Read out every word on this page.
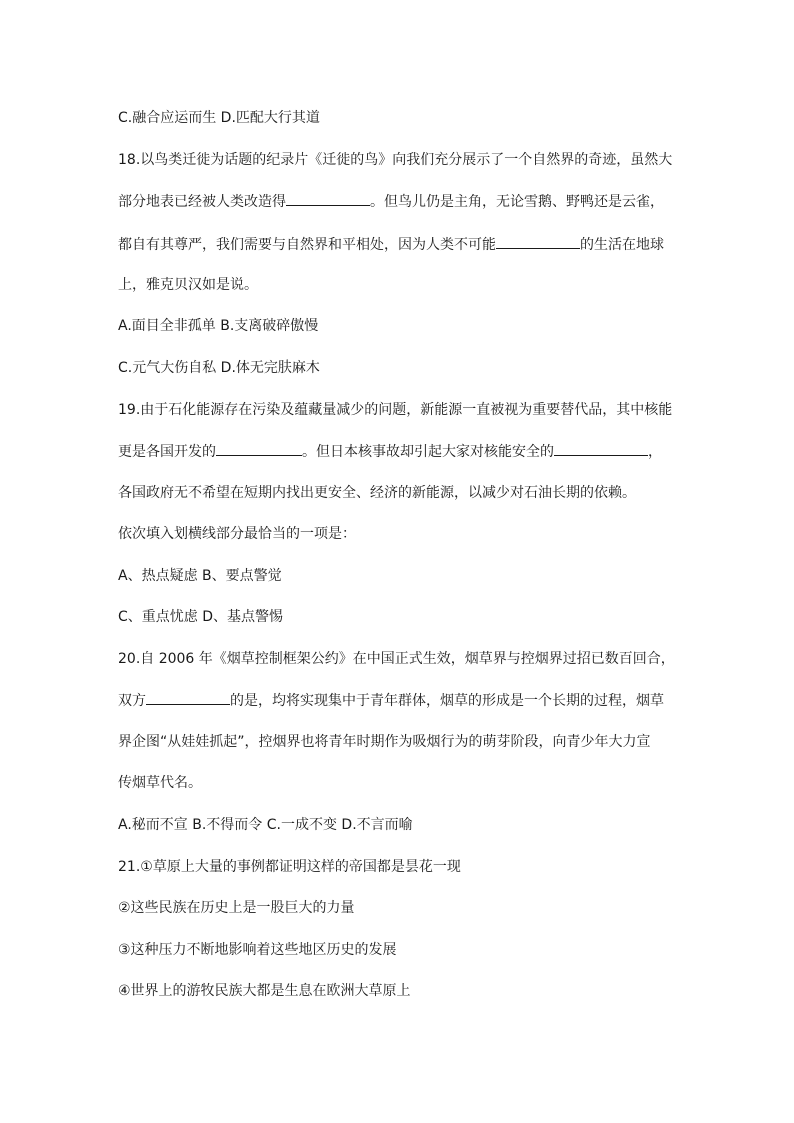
C.融合应运而生 D.匹配大行其道
18.以鸟类迁徙为话题的纪录片《迁徙的鸟》向我们充分展示了一个自然界的奇迹，虽然大
部分地表已经被人类改造得	。但鸟儿仍是主角，无论雪鹅、野鸭还是云雀，
都自有其尊严，我们需要与自然界和平相处，因为人类不可能	的生活在地球
上，雅克贝汉如是说。
A.面目全非孤单 B.支离破碎傲慢
C.元气大伤自私 D.体无完肤麻木
19.由于石化能源存在污染及蕴藏量减少的问题，新能源一直被视为重要替代品，其中核能
更是各国开发的	。但日本核事故却引起大家对核能安全的	，
各国政府无不希望在短期内找出更安全、经济的新能源，以减少对石油长期的依赖。
依次填入划横线部分最恰当的一项是：
A、热点疑虑 B、要点警觉
C、重点忧虑 D、基点警惕
20.自 2006 年《烟草控制框架公约》在中国正式生效，烟草界与控烟界过招已数百回合，
双方	的是，均将实现集中于青年群体，烟草的形成是一个长期的过程，烟草
界企图“从娃娃抓起”，控烟界也将青年时期作为吸烟行为的萌芽阶段，向青少年大力宣
传烟草代名。
A.秘而不宣 B.不得而令 C.一成不变 D.不言而喻
21.①草原上大量的事例都证明这样的帝国都是昙花一现
②这些民族在历史上是一股巨大的力量
③这种压力不断地影响着这些地区历史的发展
④世界上的游牧民族大都是生息在欧洲大草原上
